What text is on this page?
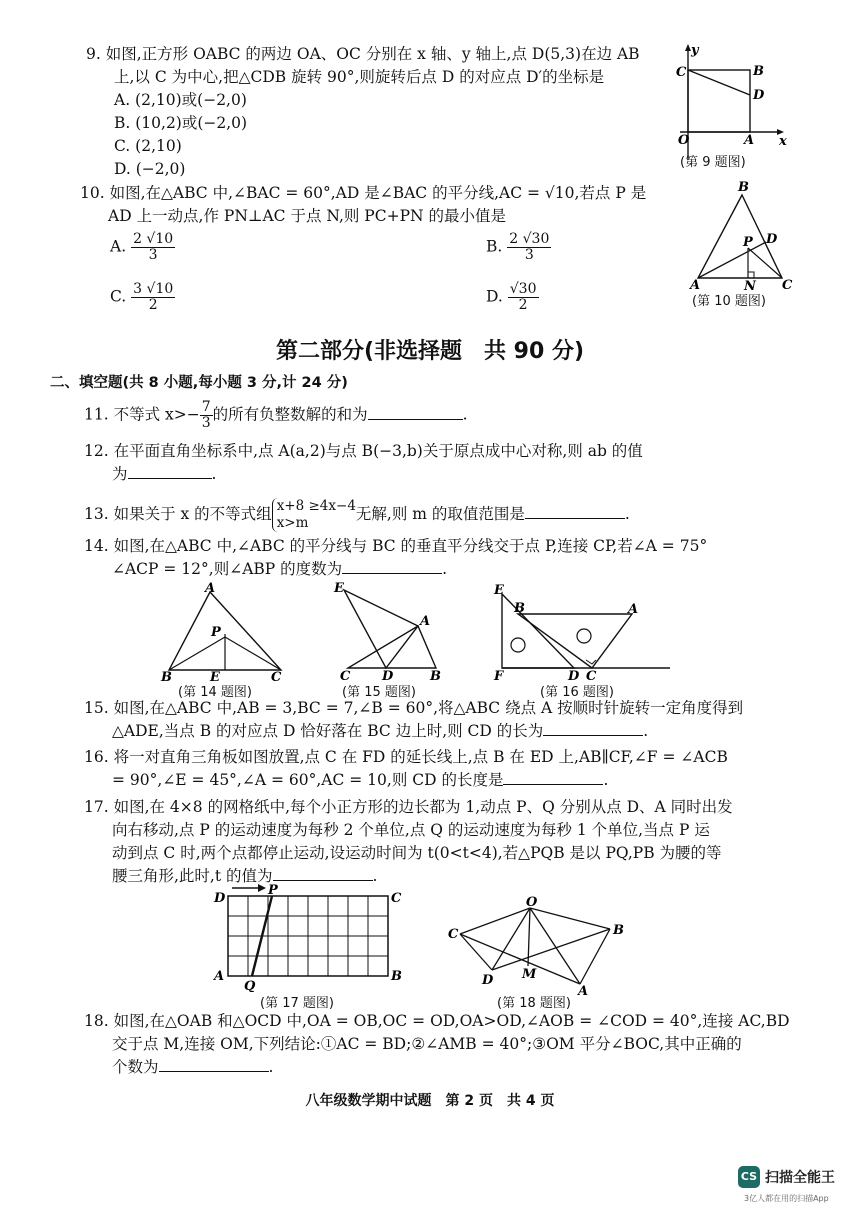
9. 如图,正方形 OABC 的两边 OA、OC 分别在 x 轴、y 轴上,点 D(5,3)在边 AB
上,以 C 为中心,把△CDB 旋转 90°,则旋转后点 D 的对应点 D′的坐标是
A. (2,10)或(−2,0)
B. (10,2)或(−2,0)
C. (2,10)
D. (−2,0)
y
x
C	B
D
O	A
(第 9 题图)
10. 如图,在△ABC 中,∠BAC = 60°,AD 是∠BAC 的平分线,AC = √10,若点 P 是
AD 上一动点,作 PN⊥AC 于点 N,则 PC+PN 的最小值是
A. $\frac{2 √10}{3}$	B. $\frac{2 √30}{3}$
C. $\frac{3 √10}{2}$	D. $\frac{√30}{2}$
B
P D
A	N C
(第 10 题图)
第二部分(非选择题　共 90 分)
二、填空题(共 8 小题,每小题 3 分,计 24 分)
11. 不等式 $x>- \frac{7}{3}$ 的所有负整数解的和为	.
12. 在平面直角坐标系中,点 A(a,2)与点 B(−3,b)关于原点成中心对称,则 ab 的值
为	.
13. 如果关于 x 的不等式组 x+8 ≥4x−4
x>m	无解,则 m 的取值范围是	.
14. 如图,在△ABC 中,∠ABC 的平分线与 BC 的垂直平分线交于点 P,连接 CP,若∠A = 75°
∠ACP = 12°,则∠ABP 的度数为	.
A
P
B	E	C
(第 14 题图)
E
A
C D	B
(第 15 题图)
E
B	A
F	D C
(第 16 题图)
15. 如图,在△ABC 中,AB = 3,BC = 7,∠B = 60°,将△ABC 绕点 A 按顺时针旋转一定角度得到
△ADE,当点 B 的对应点 D 恰好落在 BC 边上时,则 CD 的长为	.
16. 将一对直角三角板如图放置,点 C 在 FD 的延长线上,点 B 在 ED 上,AB∥CF,∠F = ∠ACB
= 90°,∠E = 45°,∠A = 60°,AC = 10,则 CD 的长度是	.
17. 如图,在 4×8 的网格纸中,每个小正方形的边长都为 1,动点 P、Q 分别从点 D、A 同时出发
向右移动,点 P 的运动速度为每秒 2 个单位,点 Q 的运动速度为每秒 1 个单位,当点 P 运
动到点 C 时,两个点都停止运动,设运动时间为 t(0<t<4),若△PQB 是以 PQ,PB 为腰的等
腰三角形,此时,t 的值为	.
D
P
C
A
Q
B
(第 17 题图)
O
C	B
D M
A
(第 18 题图)
18. 如图,在△OAB 和△OCD 中,OA = OB,OC = OD,OA>OD,∠AOB = ∠COD = 40°,连接 AC,BD
交于点 M,连接 OM,下列结论:①AC = BD;②∠AMB = 40°;③OM 平分∠BOC,其中正确的
个数为	.
八年级数学期中试题　第 2 页　共 4 页
CS 扫描全能王
3亿人都在用的扫描App
